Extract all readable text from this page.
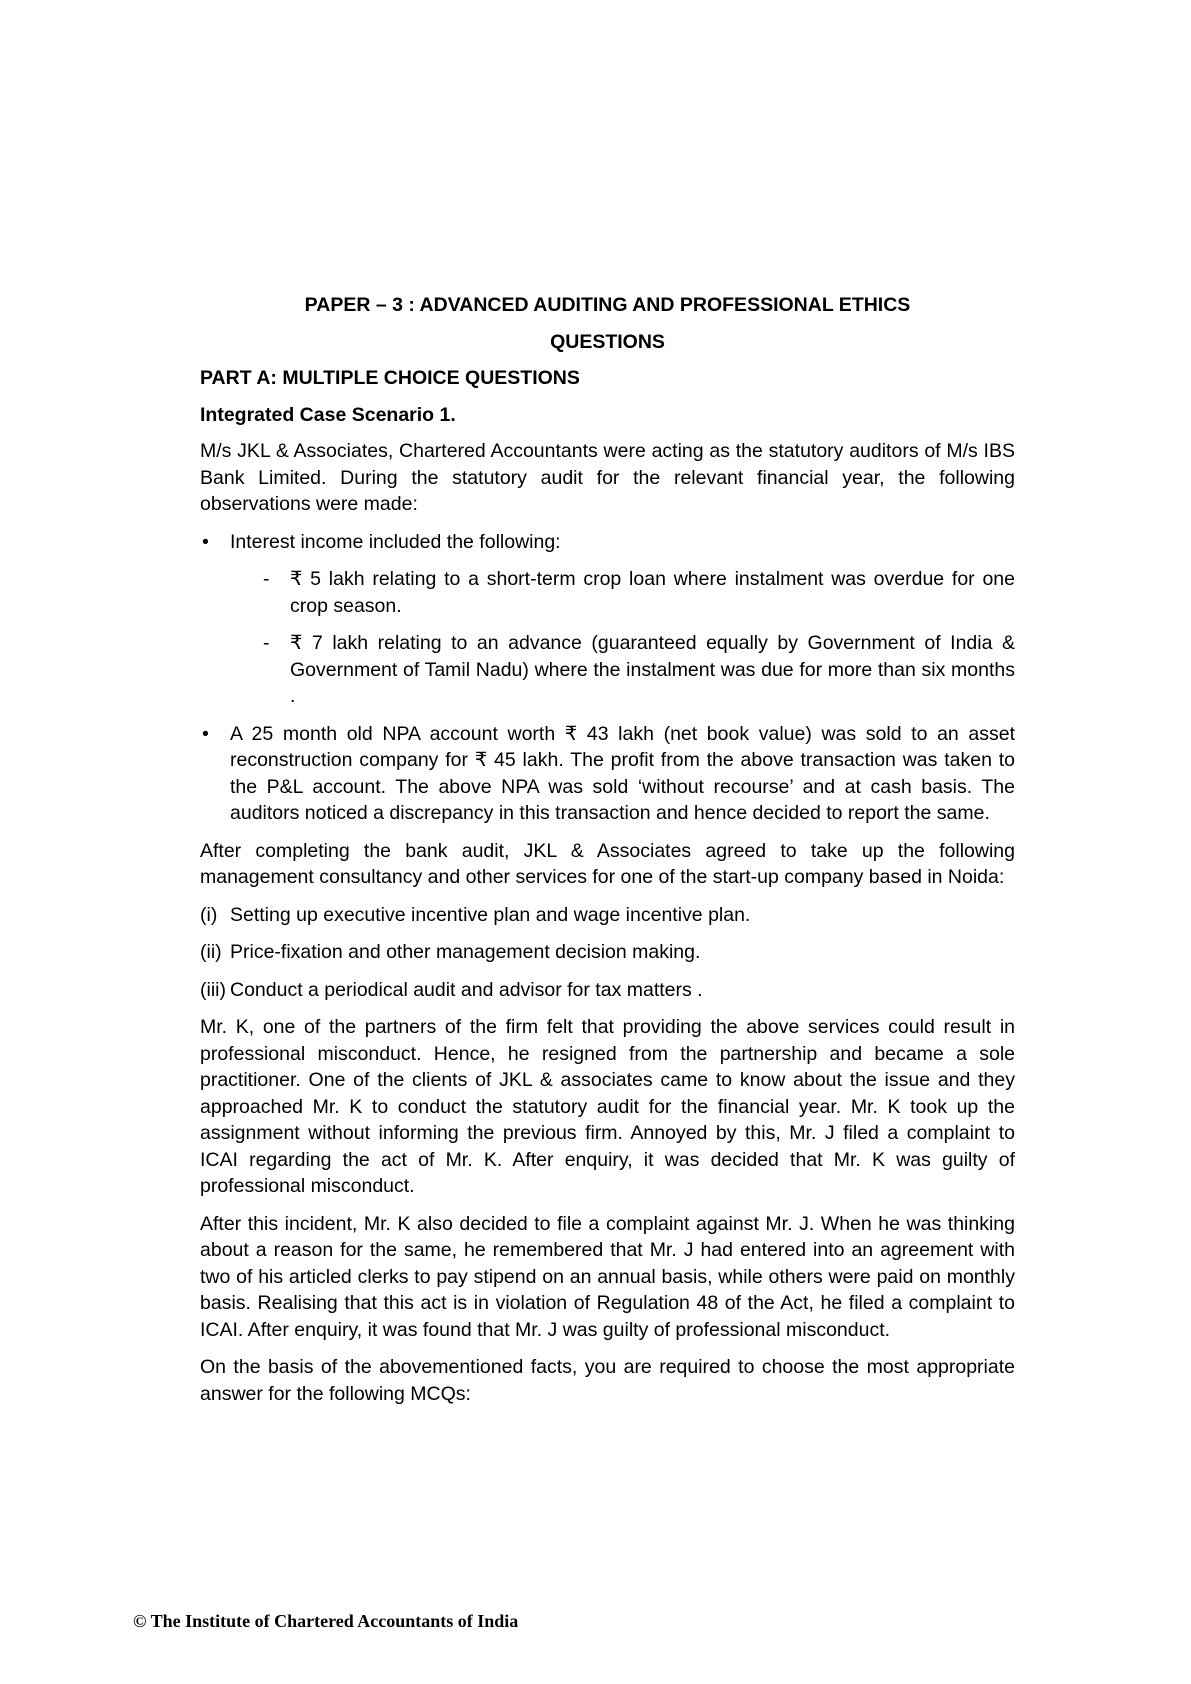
PAPER – 3 : ADVANCED AUDITING AND PROFESSIONAL ETHICS
QUESTIONS
PART A: MULTIPLE CHOICE QUESTIONS
Integrated Case Scenario 1.

M/s JKL & Associates, Chartered Accountants were acting as the statutory auditors of M/s IBS Bank Limited. During the statutory audit for the relevant financial year, the following observations were made:

• Interest income included the following:
- ₹ 5 lakh relating to a short-term crop loan where instalment was overdue for one crop season.
- ₹ 7 lakh relating to an advance (guaranteed equally by Government of India & Government of Tamil Nadu) where the instalment was due for more than six months .
• A 25 month old NPA account worth ₹ 43 lakh (net book value) was sold to an asset reconstruction company for ₹ 45 lakh. The profit from the above transaction was taken to the P&L account. The above NPA was sold ‘without recourse’ and at cash basis. The auditors noticed a discrepancy in this transaction and hence decided to report the same.

After completing the bank audit, JKL & Associates agreed to take up the following management consultancy and other services for one of the start-up company based in Noida:

(i) Setting up executive incentive plan and wage incentive plan.
(ii) Price-fixation and other management decision making.
(iii) Conduct a periodical audit and advisor for tax matters .

Mr. K, one of the partners of the firm felt that providing the above services could result in professional misconduct. Hence, he resigned from the partnership and became a sole practitioner. One of the clients of JKL & associates came to know about the issue and they approached Mr. K to conduct the statutory audit for the financial year. Mr. K took up the assignment without informing the previous firm. Annoyed by this, Mr. J filed a complaint to ICAI regarding the act of Mr. K. After enquiry, it was decided that Mr. K was guilty of professional misconduct.

After this incident, Mr. K also decided to file a complaint against Mr. J. When he was thinking about a reason for the same, he remembered that Mr. J had entered into an agreement with two of his articled clerks to pay stipend on an annual basis, while others were paid on monthly basis. Realising that this act is in violation of Regulation 48 of the Act, he filed a complaint to ICAI. After enquiry, it was found that Mr. J was guilty of professional misconduct.

On the basis of the abovementioned facts, you are required to choose the most appropriate answer for the following MCQs:

© The Institute of Chartered Accountants of India
